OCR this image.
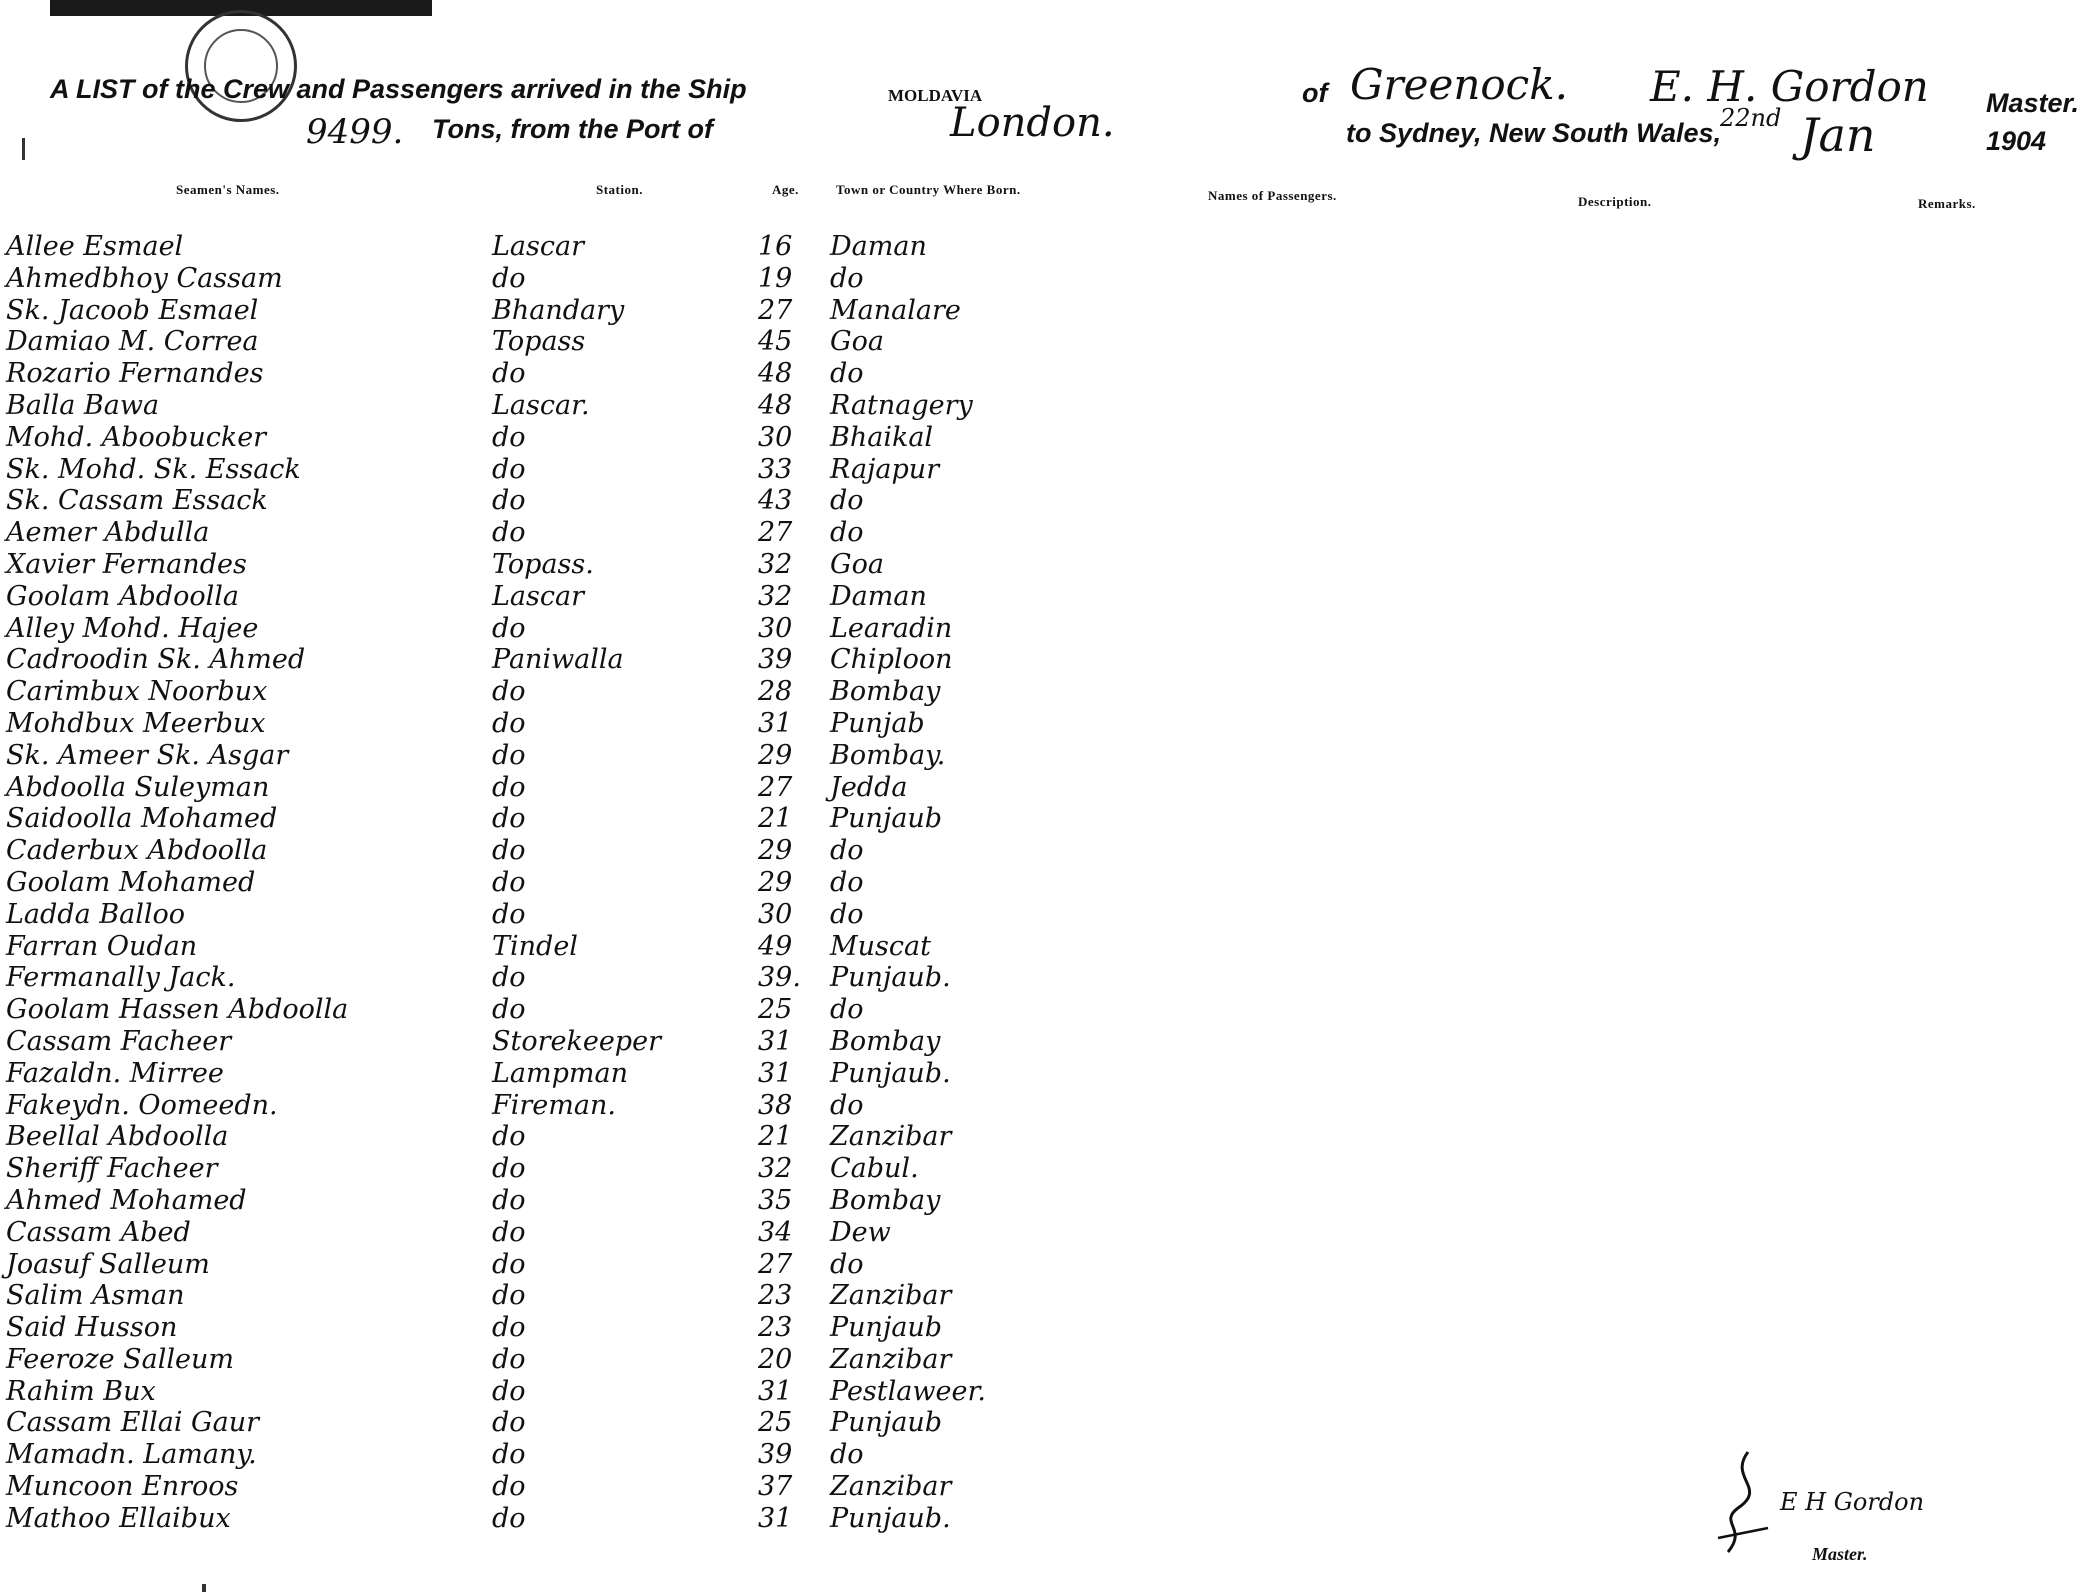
A LIST of the Crew and Passengers arrived in the Ship
9499. Tons, from the Port of
MOLDAVIA
London.
of Greenock. E. H. Gordon Master.
to Sydney, New South Wales,
22nd Jan	1904
Seamen's Names.	Station.	Age.	Town or Country Where Born.	Names of Passengers.	Description.	Remarks.
Allee Esmael	Lascar	16 Daman
Ahmedbhoy Cassam	do	19 do
Sk. Jacoob Esmael	Bhandary	27 Manalare
Damiao M. Correa	Topass	45 Goa
Rozario Fernandes	do	48 do
Balla Bawa	Lascar.	48 Ratnagery
Mohd. Aboobucker	do	30 Bhaikal
Sk. Mohd. Sk. Essack	do	33 Rajapur
Sk. Cassam Essack	do	43 do
Aemer Abdulla	do	27 do
Xavier Fernandes	Topass.	32 Goa
Goolam Abdoolla	Lascar	32 Daman
Alley Mohd. Hajee	do	30 Learadin
Cadroodin Sk. Ahmed	Paniwalla	39 Chiploon
Carimbux Noorbux	do	28 Bombay
Mohdbux Meerbux	do	31 Punjab
Sk. Ameer Sk. Asgar	do	29 Bombay.
Abdoolla Suleyman	do	27 Jedda
Saidoolla Mohamed	do	21 Punjaub
Caderbux Abdoolla	do	29 do
Goolam Mohamed	do	29 do
Ladda Balloo	do	30 do
Farran Oudan	Tindel	49 Muscat
Fermanally Jack.	do	39. Punjaub.
Goolam Hassen Abdoolla	do	25 do
Cassam Facheer	Storekeeper	31 Bombay
Fazaldn. Mirree	Lampman	31 Punjaub.
Fakeydn. Oomeedn.	Fireman.	38 do
Beellal Abdoolla	do	21 Zanzibar
Sheriff Facheer	do	32 Cabul.
Ahmed Mohamed	do	35 Bombay
Cassam Abed	do	34 Dew
Joasuf Salleum	do	27 do
Salim Asman	do	23 Zanzibar
Said Husson	do	23 Punjaub
Feeroze Salleum	do	20 Zanzibar
Rahim Bux	do	31 Pestlaweer.
Cassam Ellai Gaur	do	25 Punjaub
Mamadn. Lamany.	do	39 do
Muncoon Enroos	do	37 Zanzibar
Mathoo Ellaibux	do	31 Punjaub.
E H Gordon
Master.
